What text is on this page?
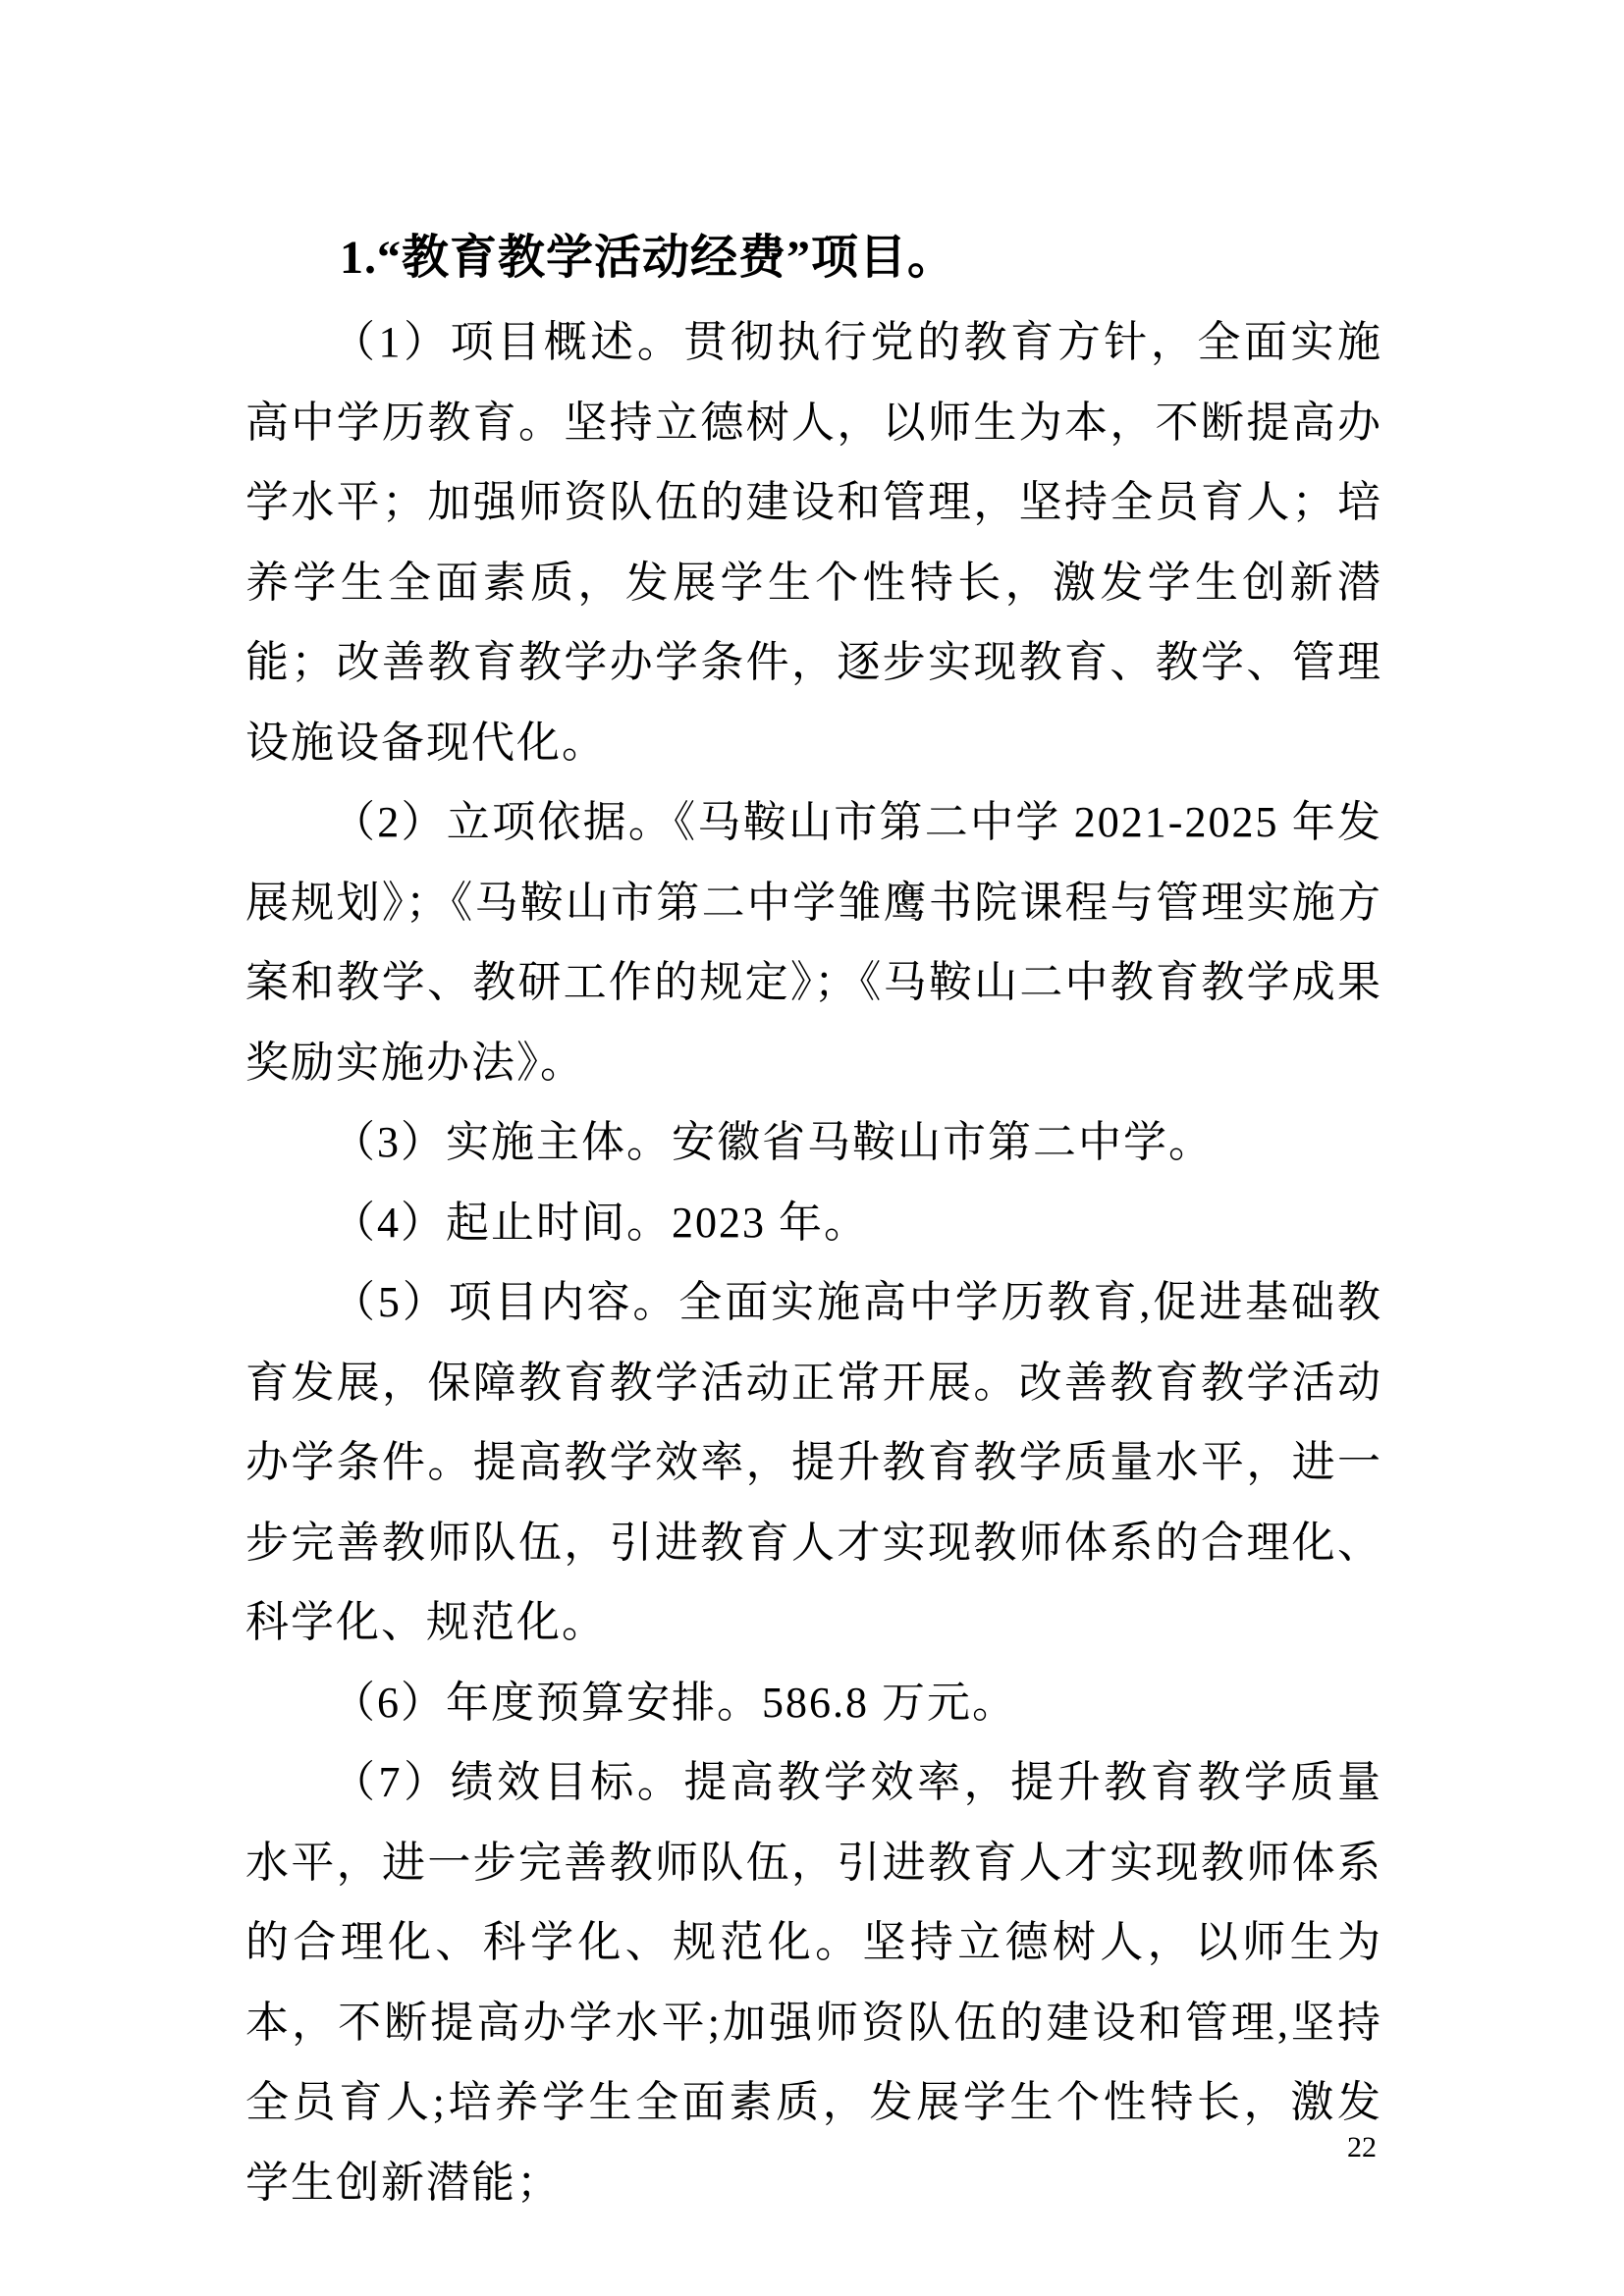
1.“教育教学活动经费”项目。

（1）项目概述。贯彻执行党的教育方针，全面实施高中学历教育。坚持立德树人，以师生为本，不断提高办学水平；加强师资队伍的建设和管理，坚持全员育人；培养学生全面素质，发展学生个性特长，激发学生创新潜能；改善教育教学办学条件，逐步实现教育、教学、管理设施设备现代化。

（2）立项依据。《马鞍山市第二中学 2021-2025 年发展规划》；《马鞍山市第二中学雏鹰书院课程与管理实施方案和教学、教研工作的规定》；《马鞍山二中教育教学成果奖励实施办法》。

（3）实施主体。安徽省马鞍山市第二中学。

（4）起止时间。2023 年。

（5）项目内容。全面实施高中学历教育,促进基础教育发展，保障教育教学活动正常开展。改善教育教学活动办学条件。提高教学效率，提升教育教学质量水平，进一步完善教师队伍，引进教育人才实现教师体系的合理化、科学化、规范化。

（6）年度预算安排。586.8 万元。

（7）绩效目标。提高教学效率，提升教育教学质量水平，进一步完善教师队伍，引进教育人才实现教师体系的合理化、科学化、规范化。坚持立德树人，以师生为本，不断提高办学水平;加强师资队伍的建设和管理,坚持全员育人;培养学生全面素质，发展学生个性特长，激发学生创新潜能；

22
